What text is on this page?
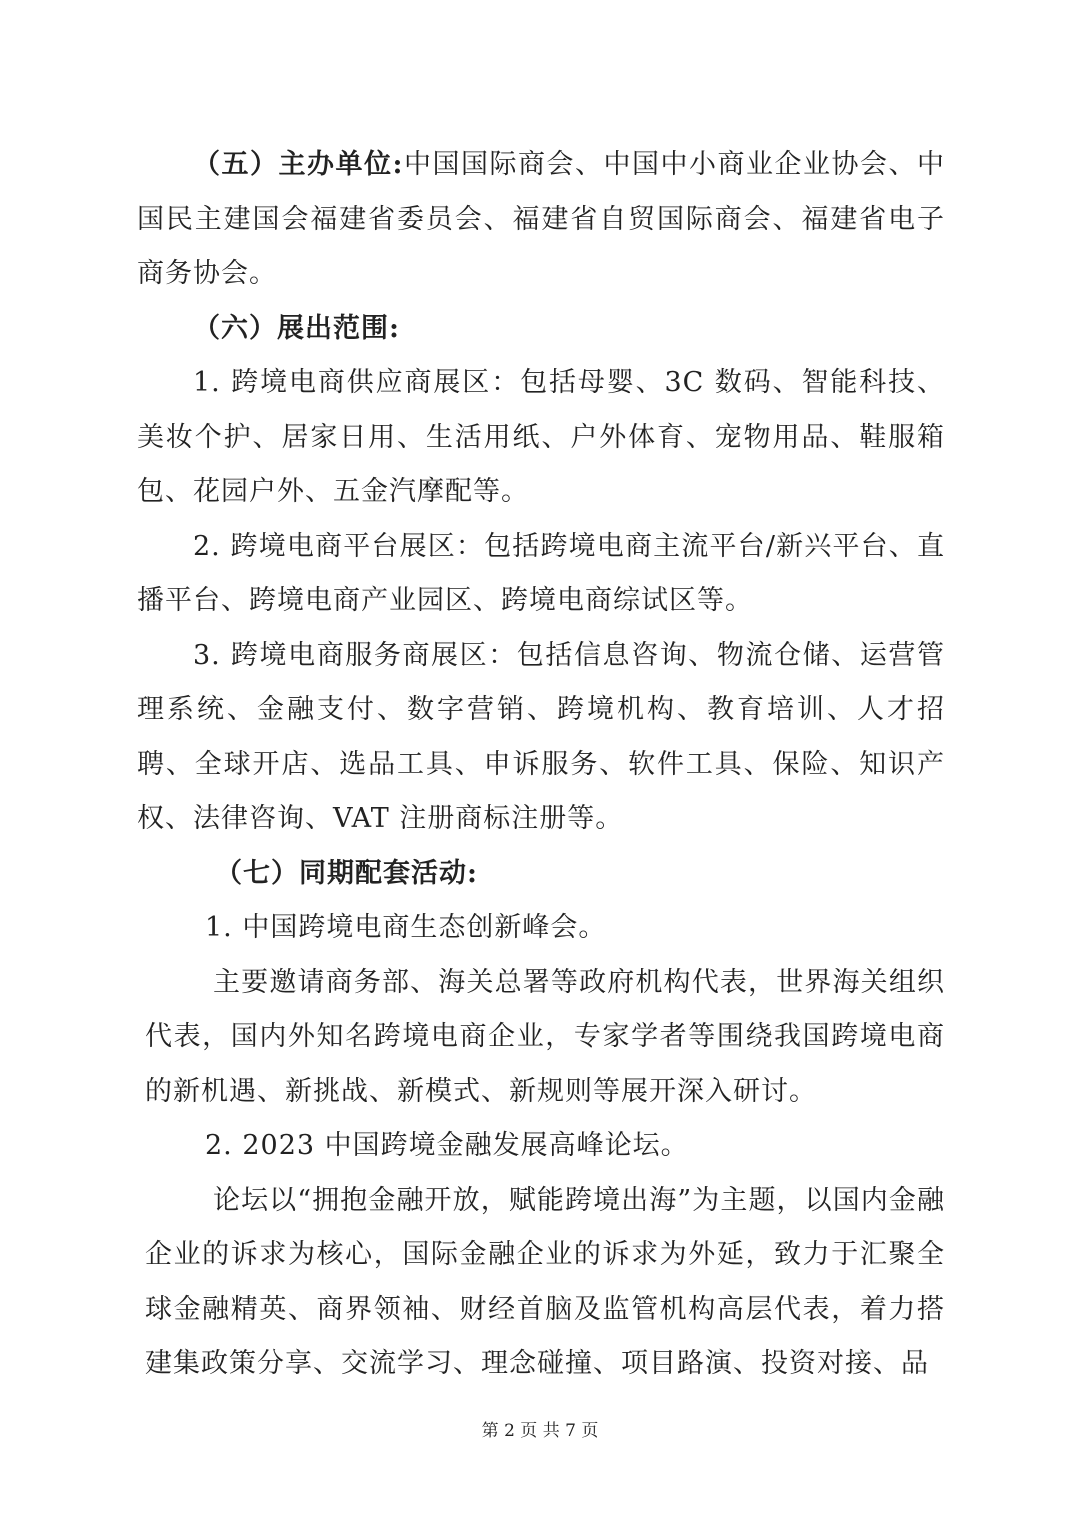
（五）主办单位:中国国际商会、中国中小商业企业协会、中国民主建国会福建省委员会、福建省自贸国际商会、福建省电子商务协会。

（六）展出范围:

1. 跨境电商供应商展区：包括母婴、3C 数码、智能科技、美妆个护、居家日用、生活用纸、户外体育、宠物用品、鞋服箱包、花园户外、五金汽摩配等。

2. 跨境电商平台展区：包括跨境电商主流平台/新兴平台、直播平台、跨境电商产业园区、跨境电商综试区等。

3. 跨境电商服务商展区：包括信息咨询、物流仓储、运营管理系统、金融支付、数字营销、跨境机构、教育培训、人才招聘、全球开店、选品工具、申诉服务、软件工具、保险、知识产权、法律咨询、VAT 注册商标注册等。

（七）同期配套活动:

1. 中国跨境电商生态创新峰会。

主要邀请商务部、海关总署等政府机构代表，世界海关组织代表，国内外知名跨境电商企业，专家学者等围绕我国跨境电商的新机遇、新挑战、新模式、新规则等展开深入研讨。

2. 2023 中国跨境金融发展高峰论坛。

论坛以“拥抱金融开放，赋能跨境出海”为主题，以国内金融企业的诉求为核心，国际金融企业的诉求为外延，致力于汇聚全球金融精英、商界领袖、财经首脑及监管机构高层代表，着力搭建集政策分享、交流学习、理念碰撞、项目路演、投资对接、品

第 2 页 共 7 页
